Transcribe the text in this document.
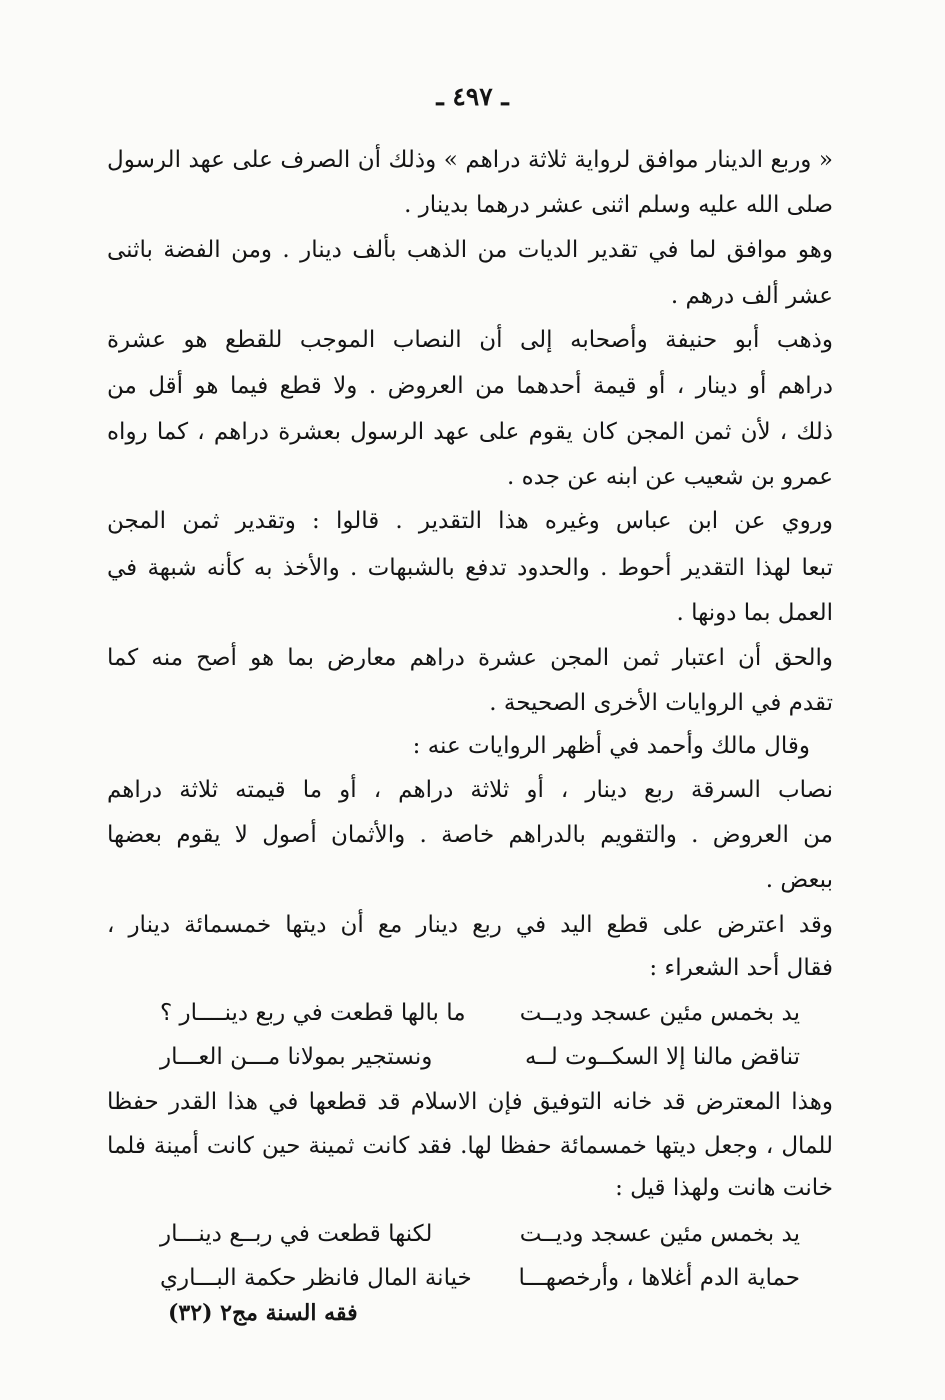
ـ ٤٩٧ ـ
« وربع الدينار موافق لرواية ثلاثة دراهم » وذلك أن الصرف على عهد الرسول
صلى الله عليه وسلم اثنى عشر درهما بدينار .
وهو موافق لما في تقدير الديات من الذهب بألف دينار . ومن الفضة باثنى
عشر ألف درهم .
وذهب أبو حنيفة وأصحابه إلى أن النصاب الموجب للقطع هو عشرة
دراهم أو دينار ، أو قيمة أحدهما من العروض . ولا قطع فيما هو أقل من
ذلك ، لأن ثمن المجن كان يقوم على عهد الرسول بعشرة دراهم ، كما رواه
عمرو بن شعيب عن ابنه عن جده .
وروي عن ابن عباس وغيره هذا التقدير . قالوا : وتقدير ثمن المجن
تبعا لهذا التقدير أحوط . والحدود تدفع بالشبهات . والأخذ به كأنه شبهة في
العمل بما دونها .
والحق أن اعتبار ثمن المجن عشرة دراهم معارض بما هو أصح منه كما
تقدم في الروايات الأخرى الصحيحة .
وقال مالك وأحمد في أظهر الروايات عنه :
نصاب السرقة ربع دينار ، أو ثلاثة دراهم ، أو ما قيمته ثلاثة دراهم
من العروض . والتقويم بالدراهم خاصة . والأثمان أصول لا يقوم بعضها
ببعض .
وقد اعترض على قطع اليد في ربع دينار مع أن ديتها خمسمائة دينار ،
فقال أحد الشعراء :
يد بخمس مئين عسجد وديــت
ما بالها قطعت في ربع دينــــار ؟
تناقض مالنا إلا السكــوت لــه
ونستجير بمولانا مـــن العـــار
وهذا المعترض قد خانه التوفيق فإن الاسلام قد قطعها في هذا القدر حفظا
للمال ، وجعل ديتها خمسمائة حفظا لها. فقد كانت ثمينة حين كانت أمينة فلما
خانت هانت ولهذا قيل :
يد بخمس مئين عسجد وديــت
لكنها قطعت في ربــع دينـــار
حماية الدم أغلاها ، وأرخصهـــا
خيانة المال فانظر حكمة البـــاري
فقه السنة مج٢ (٣٢)
